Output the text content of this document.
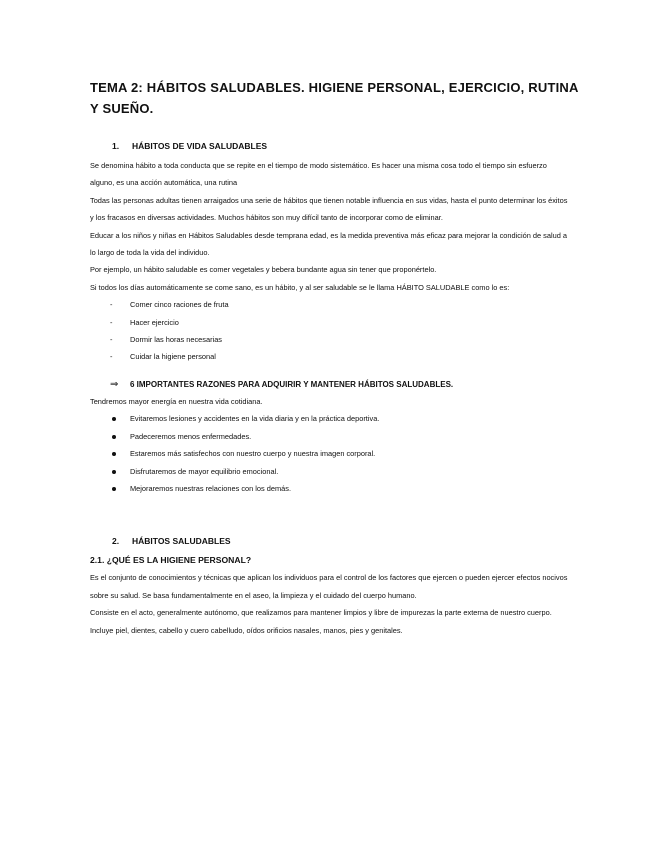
TEMA 2: HÁBITOS SALUDABLES. HIGIENE PERSONAL, EJERCICIO, RUTINA Y SUEÑO.
1. HÁBITOS DE VIDA SALUDABLES

Se denomina hábito a toda conducta que se repite en el tiempo de modo sistemático. Es hacer una misma cosa todo el tiempo sin esfuerzo alguno, es una acción automática, una rutina

Todas las personas adultas tienen arraigados una serie de hábitos que tienen notable influencia en sus vidas, hasta el punto determinar los éxitos y los fracasos en diversas actividades. Muchos hábitos son muy difícil tanto de incorporar como de eliminar.

Educar a los niños y niñas en Hábitos Saludables desde temprana edad, es la medida preventiva más eficaz para mejorar la condición de salud a lo largo de toda la vida del individuo.

Por ejemplo, un hábito saludable es comer vegetales y bebera bundante agua sin tener que proponértelo.

Si todos los días automáticamente se come sano, es un hábito, y al ser saludable se le llama HÁBITO SALUDABLE como lo es:

-	Comer cinco raciones de fruta
-	Hacer ejercicio
-	Dormir las horas necesarias
-	Cuidar la higiene personal
⇒ 6 IMPORTANTES RAZONES PARA ADQUIRIR Y MANTENER HÁBITOS SALUDABLES.

Tendremos mayor energía en nuestra vida cotidiana.

Evitaremos lesiones y accidentes en la vida diaria y en la práctica deportiva.
Padeceremos menos enfermedades.
Estaremos más satisfechos con nuestro cuerpo y nuestra imagen corporal.
Disfrutaremos de mayor equilibrio emocional.
Mejoraremos nuestras relaciones con los demás.
2. HÁBITOS SALUDABLES
2.1. ¿QUÉ ES LA HIGIENE PERSONAL?

Es el conjunto de conocimientos y técnicas que aplican los individuos para el control de los factores que ejercen o pueden ejercer efectos nocivos sobre su salud. Se basa fundamentalmente en el aseo, la limpieza y el cuidado del cuerpo humano.

Consiste en el acto, generalmente autónomo, que realizamos para mantener limpios y libre de impurezas la parte externa de nuestro cuerpo.

Incluye piel, dientes, cabello y cuero cabelludo, oídos orificios nasales, manos, pies y genitales.
